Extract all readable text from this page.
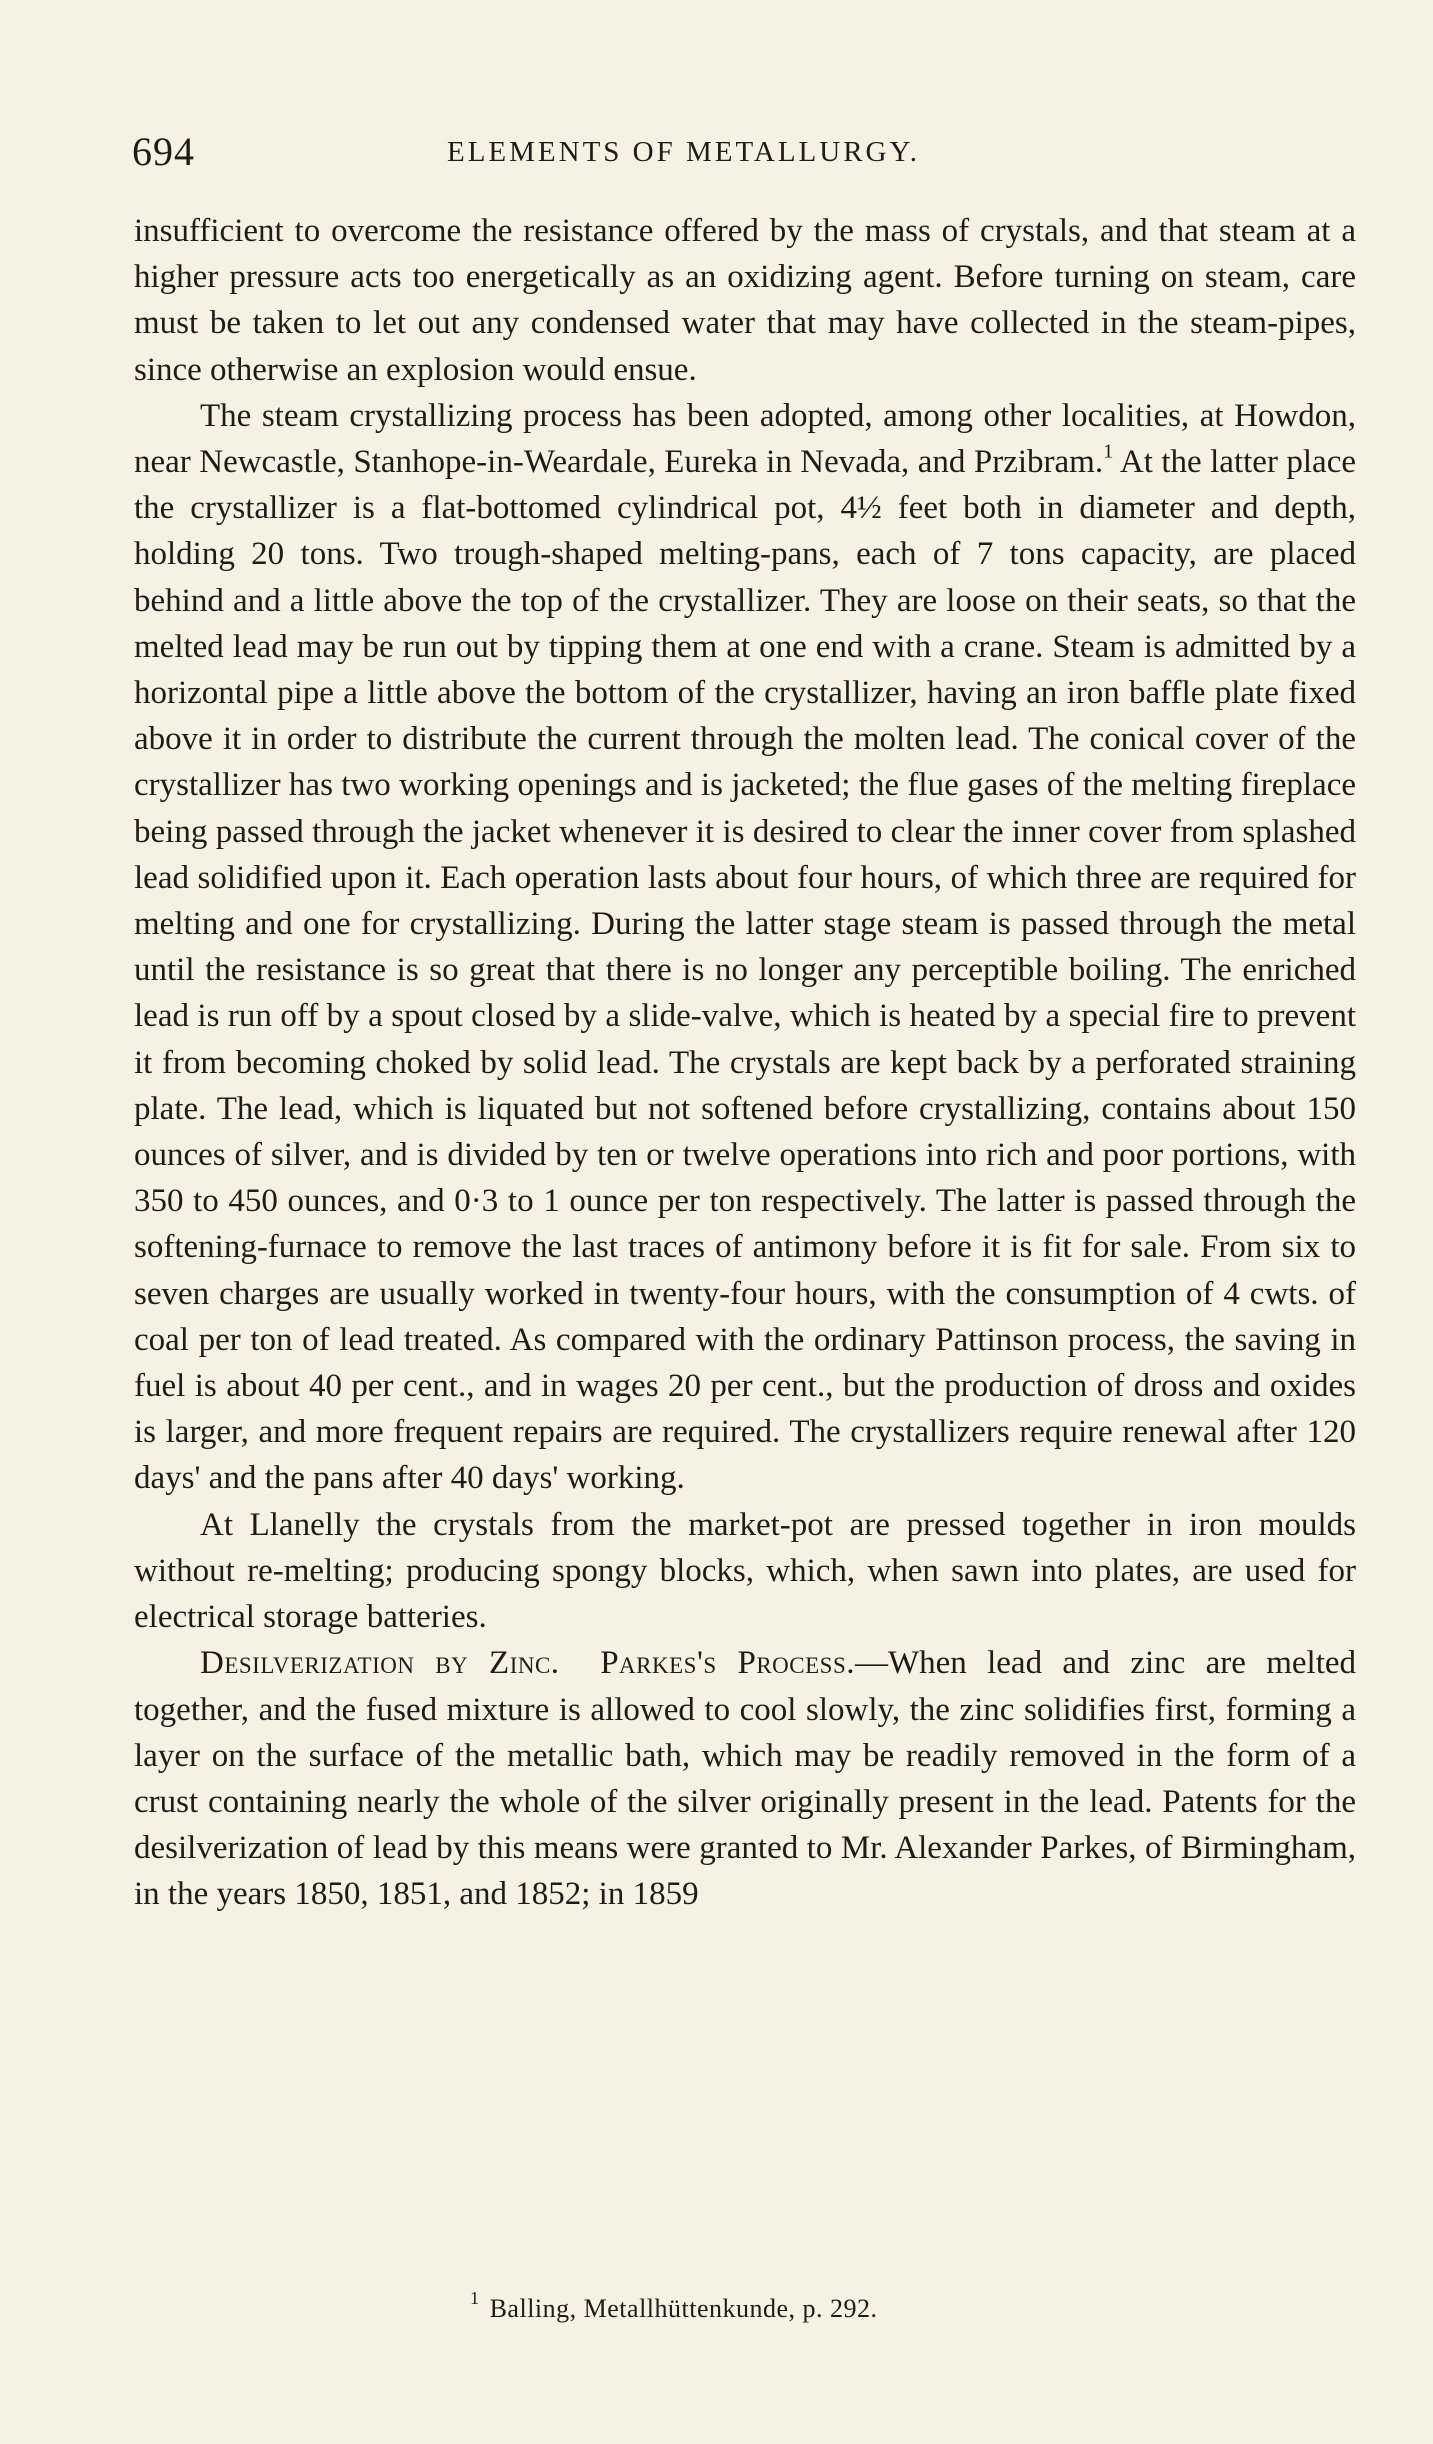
694	ELEMENTS OF METALLURGY.

insufficient to overcome the resistance offered by the mass of crystals, and that steam at a higher pressure acts too energetically as an oxidizing agent. Before turning on steam, care must be taken to let out any condensed water that may have collected in the steam-pipes, since otherwise an explosion would ensue.

The steam crystallizing process has been adopted, among other localities, at Howdon, near Newcastle, Stanhope-in-Weardale, Eureka in Nevada, and Przibram.$^1$ At the latter place the crystallizer is a flat-bottomed cylindrical pot, 4½ feet both in diameter and depth, holding 20 tons. Two trough-shaped melting-pans, each of 7 tons capacity, are placed behind and a little above the top of the crystallizer. They are loose on their seats, so that the melted lead may be run out by tipping them at one end with a crane. Steam is admitted by a horizontal pipe a little above the bottom of the crystallizer, having an iron baffle plate fixed above it in order to distribute the current through the molten lead. The conical cover of the crystallizer has two working openings and is jacketed; the flue gases of the melting fireplace being passed through the jacket whenever it is desired to clear the inner cover from splashed lead solidified upon it. Each operation lasts about four hours, of which three are required for melting and one for crystallizing. During the latter stage steam is passed through the metal until the resistance is so great that there is no longer any perceptible boiling. The enriched lead is run off by a spout closed by a slide-valve, which is heated by a special fire to prevent it from becoming choked by solid lead. The crystals are kept back by a perforated straining plate. The lead, which is liquated but not softened before crystallizing, contains about 150 ounces of silver, and is divided by ten or twelve operations into rich and poor portions, with 350 to 450 ounces, and 0·3 to 1 ounce per ton respectively. The latter is passed through the softening-furnace to remove the last traces of antimony before it is fit for sale. From six to seven charges are usually worked in twenty-four hours, with the consumption of 4 cwts. of coal per ton of lead treated. As compared with the ordinary Pattinson process, the saving in fuel is about 40 per cent., and in wages 20 per cent., but the production of dross and oxides is larger, and more frequent repairs are required. The crystallizers require renewal after 120 days' and the pans after 40 days' working.

At Llanelly the crystals from the market-pot are pressed together in iron moulds without re-melting; producing spongy blocks, which, when sawn into plates, are used for electrical storage batteries.

Desilverization by Zinc. Parkes's Process.—When lead and zinc are melted together, and the fused mixture is allowed to cool slowly, the zinc solidifies first, forming a layer on the surface of the metallic bath, which may be readily removed in the form of a crust containing nearly the whole of the silver originally present in the lead. Patents for the desilverization of lead by this means were granted to Mr. Alexander Parkes, of Birmingham, in the years 1850, 1851, and 1852; in 1859

$^1$ Balling, Metallhüttenkunde, p. 292.
